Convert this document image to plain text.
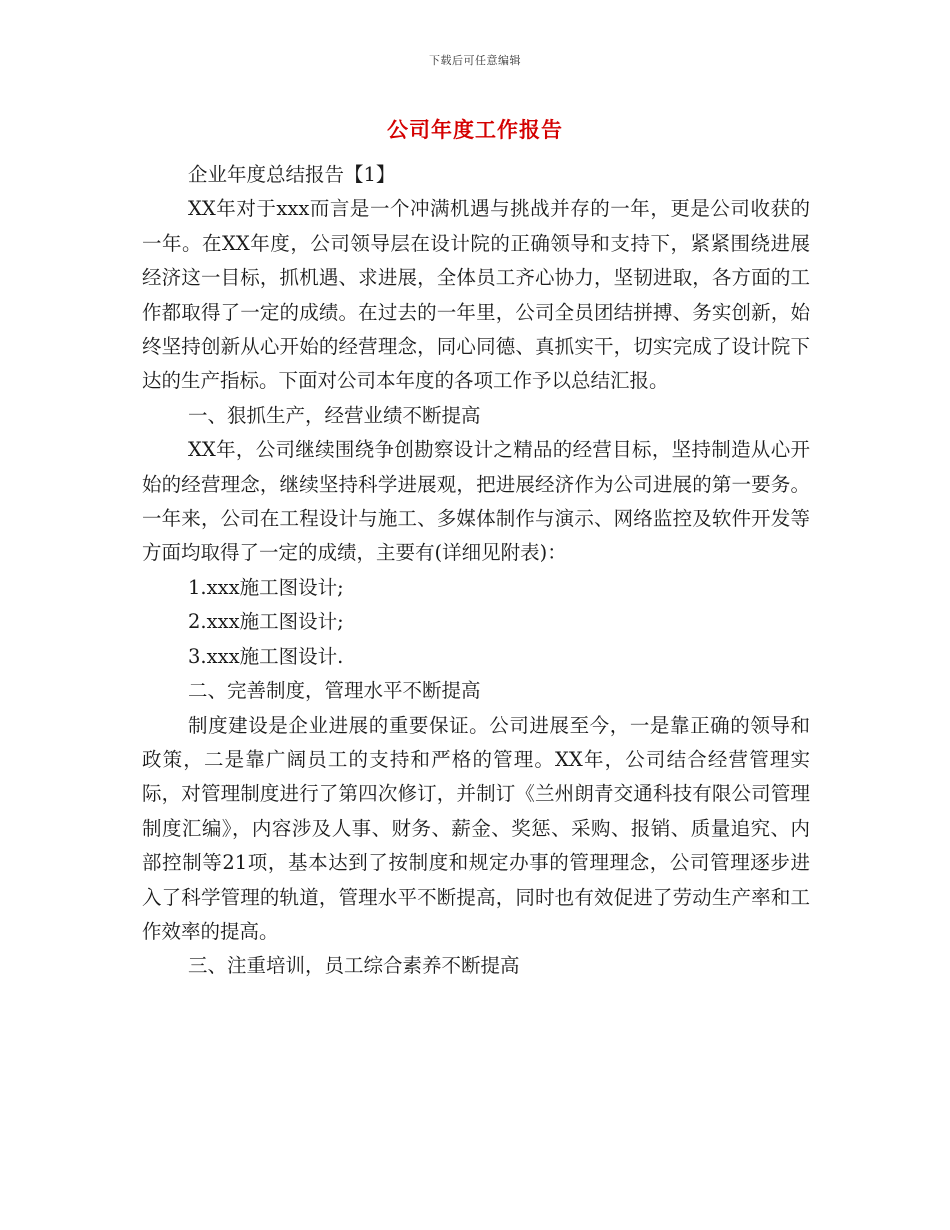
下载后可任意编辑
公司年度工作报告

企业年度总结报告【1】

XX年对于xxx而言是一个冲满机遇与挑战并存的一年，更是公司收获的一年。在XX年度，公司领导层在设计院的正确领导和支持下，紧紧围绕进展经济这一目标，抓机遇、求进展，全体员工齐心协力，坚韧进取，各方面的工作都取得了一定的成绩。在过去的一年里，公司全员团结拼搏、务实创新，始终坚持创新从心开始的经营理念，同心同德、真抓实干，切实完成了设计院下达的生产指标。下面对公司本年度的各项工作予以总结汇报。

一、狠抓生产，经营业绩不断提高

XX年，公司继续围绕争创勘察设计之精品的经营目标，坚持制造从心开始的经营理念，继续坚持科学进展观，把进展经济作为公司进展的第一要务。一年来，公司在工程设计与施工、多媒体制作与演示、网络监控及软件开发等方面均取得了一定的成绩，主要有(详细见附表)：

1.xxx施工图设计;

2.xxx施工图设计;

3.xxx施工图设计.

二、完善制度，管理水平不断提高

制度建设是企业进展的重要保证。公司进展至今，一是靠正确的领导和政策，二是靠广阔员工的支持和严格的管理。XX年，公司结合经营管理实际，对管理制度进行了第四次修订，并制订《兰州朗青交通科技有限公司管理制度汇编》，内容涉及人事、财务、薪金、奖惩、采购、报销、质量追究、内部控制等21项，基本达到了按制度和规定办事的管理理念，公司管理逐步进入了科学管理的轨道，管理水平不断提高，同时也有效促进了劳动生产率和工作效率的提高。

三、注重培训，员工综合素养不断提高
